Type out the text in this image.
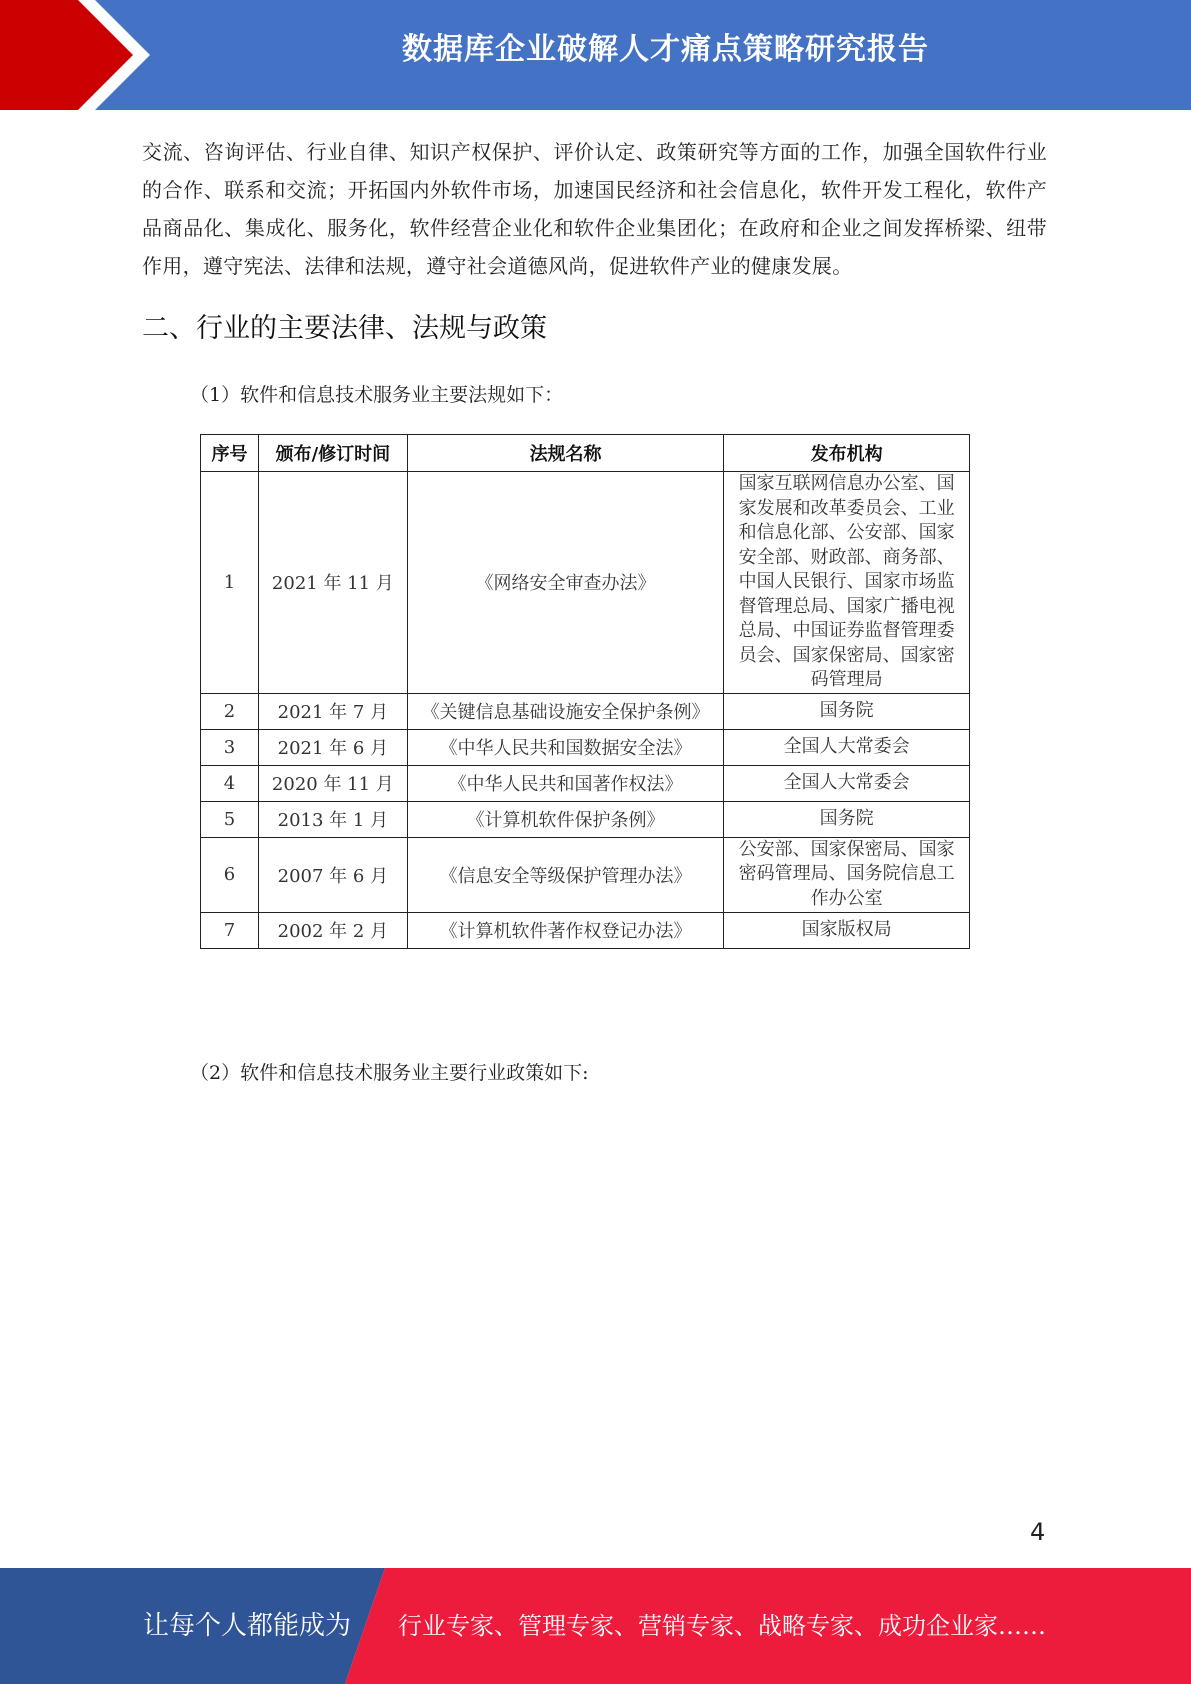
数据库企业破解人才痛点策略研究报告
交流、咨询评估、行业自律、知识产权保护、评价认定、政策研究等方面的工作，加强全国软件行业的合作、联系和交流；开拓国内外软件市场，加速国民经济和社会信息化，软件开发工程化，软件产品商品化、集成化、服务化，软件经营企业化和软件企业集团化；在政府和企业之间发挥桥梁、纽带作用，遵守宪法、法律和法规，遵守社会道德风尚，促进软件产业的健康发展。
二、行业的主要法律、法规与政策
（1）软件和信息技术服务业主要法规如下：
序号	颁布/修订时间	法规名称	发布机构
1	2021 年 11 月	《网络安全审查办法》	国家互联网信息办公室、国家发展和改革委员会、工业和信息化部、公安部、国家安全部、财政部、商务部、中国人民银行、国家市场监督管理总局、国家广播电视总局、中国证券监督管理委员会、国家保密局、国家密码管理局
2	2021 年 7 月	《关键信息基础设施安全保护条例》	国务院
3	2021 年 6 月	《中华人民共和国数据安全法》	全国人大常委会
4	2020 年 11 月	《中华人民共和国著作权法》	全国人大常委会
5	2013 年 1 月	《计算机软件保护条例》	国务院
6	2007 年 6 月	《信息安全等级保护管理办法》	公安部、国家保密局、国家密码管理局、国务院信息工作办公室
7	2002 年 2 月	《计算机软件著作权登记办法》	国家版权局
（2）软件和信息技术服务业主要行业政策如下:
4
让每个人都能成为 行业专家、管理专家、营销专家、战略专家、成功企业家……
